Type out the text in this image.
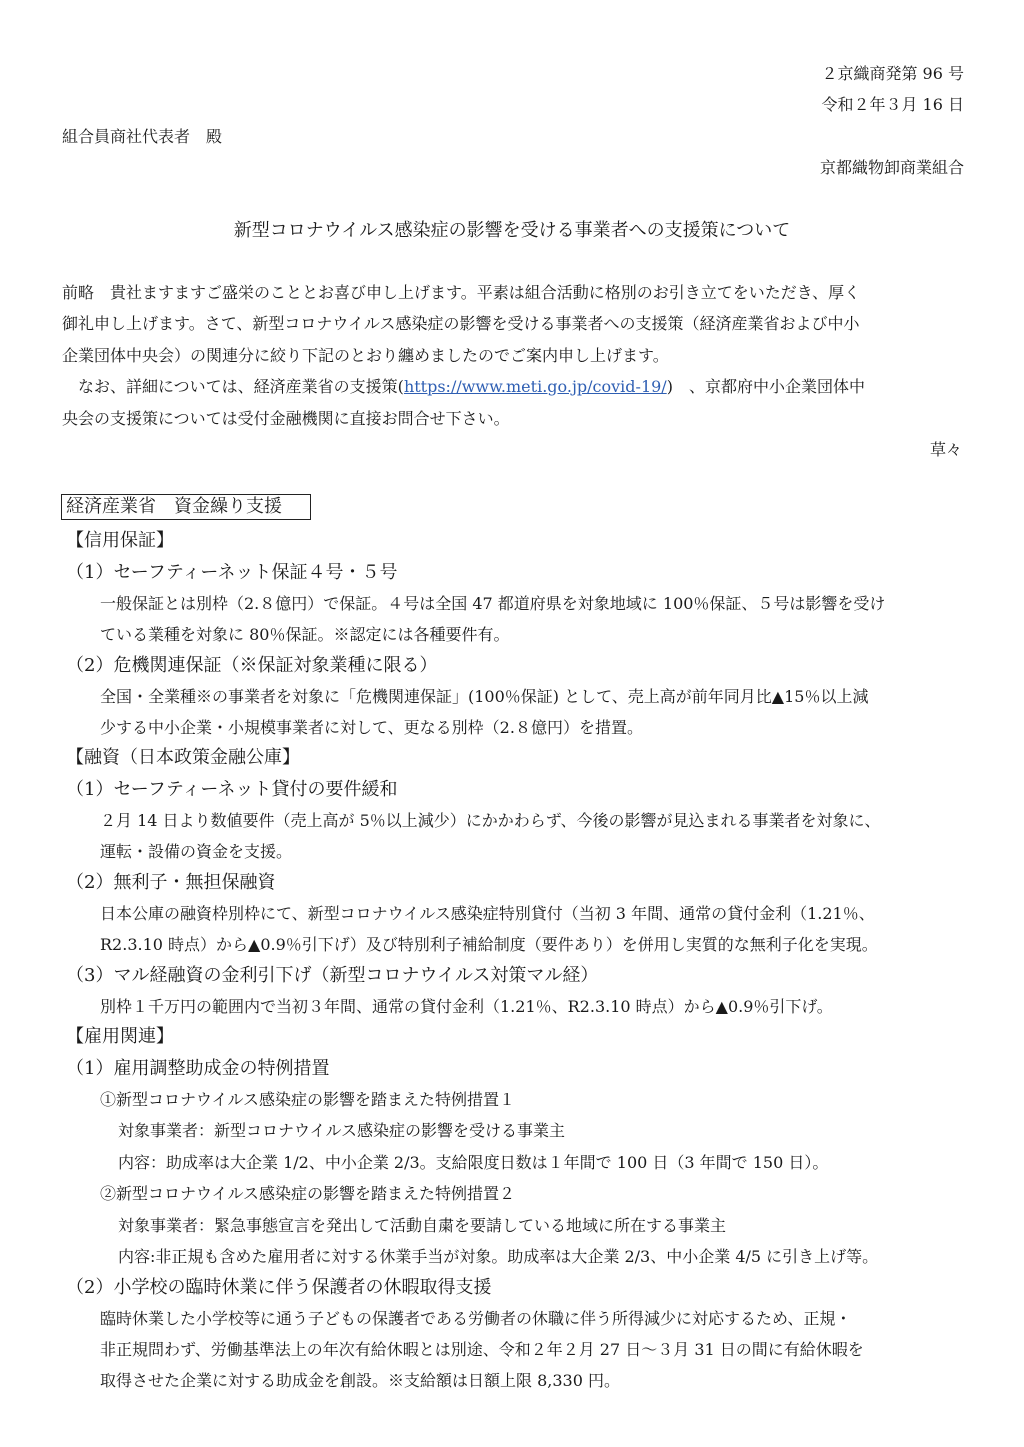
２京織商発第 96 号
令和２年３月 16 日
組合員商社代表者　殿
京都織物卸商業組合
新型コロナウイルス感染症の影響を受ける事業者への支援策について
前略　貴社ますますご盛栄のこととお喜び申し上げます。平素は組合活動に格別のお引き立てをいただき、厚く
御礼申し上げます。さて、新型コロナウイルス感染症の影響を受ける事業者への支援策（経済産業省および中小
企業団体中央会）の関連分に絞り下記のとおり纏めましたのでご案内申し上げます。
　なお、詳細については、経済産業省の支援策(https://www.meti.go.jp/covid-19/)　、京都府中小企業団体中
央会の支援策については受付金融機関に直接お問合せ下さい。
草々
経済産業省　資金繰り支援
【信用保証】
（1）セーフティーネット保証４号・５号
一般保証とは別枠（2.８億円）で保証。４号は全国 47 都道府県を対象地域に 100％保証、５号は影響を受け
ている業種を対象に 80％保証。※認定には各種要件有。
（2）危機関連保証（※保証対象業種に限る）
全国・全業種※の事業者を対象に「危機関連保証」(100％保証) として、売上高が前年同月比▲15％以上減
少する中小企業・小規模事業者に対して、更なる別枠（2.８億円）を措置。
【融資（日本政策金融公庫】
（1）セーフティーネット貸付の要件緩和
２月 14 日より数値要件（売上高が 5％以上減少）にかかわらず、今後の影響が見込まれる事業者を対象に、
運転・設備の資金を支援。
（2）無利子・無担保融資
日本公庫の融資枠別枠にて、新型コロナウイルス感染症特別貸付（当初 3 年間、通常の貸付金利（1.21％、
R2.3.10 時点）から▲0.9％引下げ）及び特別利子補給制度（要件あり）を併用し実質的な無利子化を実現。
（3）マル経融資の金利引下げ（新型コロナウイルス対策マル経）
別枠１千万円の範囲内で当初３年間、通常の貸付金利（1.21％、R2.3.10 時点）から▲0.9％引下げ。
【雇用関連】
（1）雇用調整助成金の特例措置
①新型コロナウイルス感染症の影響を踏まえた特例措置１
対象事業者：新型コロナウイルス感染症の影響を受ける事業主
内容：助成率は大企業 1/2、中小企業 2/3。支給限度日数は１年間で 100 日（3 年間で 150 日）。
②新型コロナウイルス感染症の影響を踏まえた特例措置２
対象事業者：緊急事態宣言を発出して活動自粛を要請している地域に所在する事業主
内容:非正規も含めた雇用者に対する休業手当が対象。助成率は大企業 2/3、中小企業 4/5 に引き上げ等。
（2）小学校の臨時休業に伴う保護者の休暇取得支援
臨時休業した小学校等に通う子どもの保護者である労働者の休職に伴う所得減少に対応するため、正規・
非正規問わず、労働基準法上の年次有給休暇とは別途、令和２年２月 27 日～３月 31 日の間に有給休暇を
取得させた企業に対する助成金を創設。※支給額は日額上限 8,330 円。
